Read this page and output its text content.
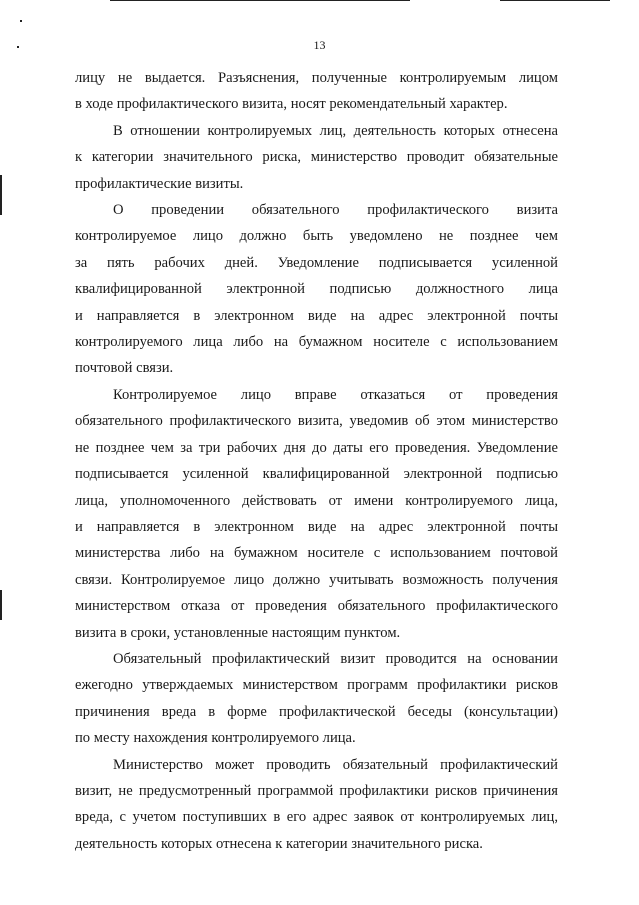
13

лицу не выдается. Разъяснения, полученные контролируемым лицом
в ходе профилактического визита, носят рекомендательный характер.

В отношении контролируемых лиц, деятельность которых отнесена
к категории значительного риска, министерство проводит обязательные
профилактические визиты.

О проведении обязательного профилактического визита
контролируемое лицо должно быть уведомлено не позднее чем
за пять рабочих дней. Уведомление подписывается усиленной
квалифицированной электронной подписью должностного лица
и направляется в электронном виде на адрес электронной почты
контролируемого лица либо на бумажном носителе с использованием
почтовой связи.

Контролируемое лицо вправе отказаться от проведения
обязательного профилактического визита, уведомив об этом министерство
не позднее чем за три рабочих дня до даты его проведения. Уведомление
подписывается усиленной квалифицированной электронной подписью
лица, уполномоченного действовать от имени контролируемого лица,
и направляется в электронном виде на адрес электронной почты
министерства либо на бумажном носителе с использованием почтовой
связи. Контролируемое лицо должно учитывать возможность получения
министерством отказа от проведения обязательного профилактического
визита в сроки, установленные настоящим пунктом.

Обязательный профилактический визит проводится на основании
ежегодно утверждаемых министерством программ профилактики рисков
причинения вреда в форме профилактической беседы (консультации)
по месту нахождения контролируемого лица.

Министерство может проводить обязательный профилактический
визит, не предусмотренный программой профилактики рисков причинения
вреда, с учетом поступивших в его адрес заявок от контролируемых лиц,
деятельность которых отнесена к категории значительного риска.
